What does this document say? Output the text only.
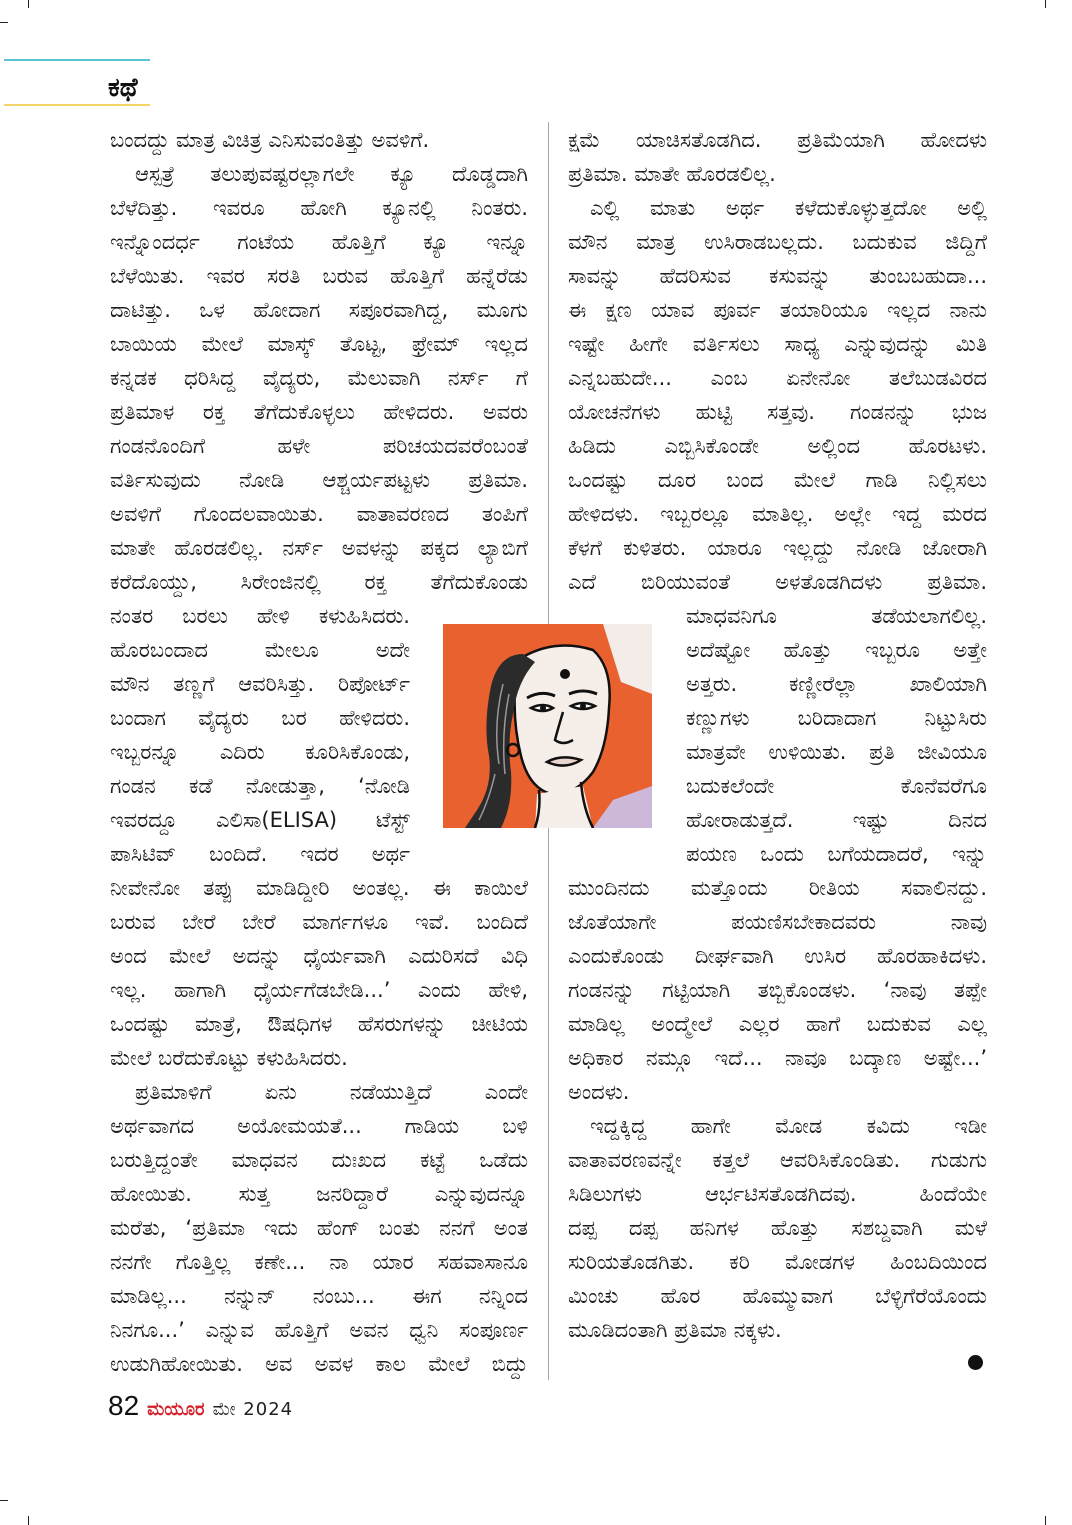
ಕಥೆ
ಬಂದದ್ದು ಮಾತ್ರ ವಿಚಿತ್ರ ಎನಿಸುವಂತಿತ್ತು ಅವಳಿಗೆ.
ಆಸ್ಪತ್ರೆ ತಲುಪುವಷ್ಟರಲ್ಲಾಗಲೇ ಕ್ಯೂ ದೊಡ್ಡದಾಗಿ
ಬೆಳೆದಿತ್ತು. ಇವರೂ ಹೋಗಿ ಕ್ಯೂನಲ್ಲಿ ನಿಂತರು.
ಇನ್ನೊಂದರ್ಧ ಗಂಟೆಯ ಹೊತ್ತಿಗೆ ಕ್ಯೂ ಇನ್ನೂ
ಬೆಳೆಯಿತು. ಇವರ ಸರತಿ ಬರುವ ಹೊತ್ತಿಗೆ ಹನ್ನೆರೆಡು
ದಾಟಿತ್ತು. ಒಳ ಹೋದಾಗ ಸಪೂರವಾಗಿದ್ದ, ಮೂಗು
ಬಾಯಿಯ ಮೇಲೆ ಮಾಸ್ಕ್ ತೊಟ್ಟ, ಫ್ರೇಮ್ ಇಲ್ಲದ
ಕನ್ನಡಕ ಧರಿಸಿದ್ದ ವೈದ್ಯರು, ಮೆಲುವಾಗಿ ನರ್ಸ್ ಗೆ
ಪ್ರತಿಮಾಳ ರಕ್ತ ತೆಗೆದುಕೊಳ್ಳಲು ಹೇಳಿದರು. ಅವರು
ಗಂಡನೊಂದಿಗೆ ಹಳೇ ಪರಿಚಯದವರೆಂಬಂತೆ
ವರ್ತಿಸುವುದು ನೋಡಿ ಆಶ್ಚರ್ಯಪಟ್ಟಳು ಪ್ರತಿಮಾ.
ಅವಳಿಗೆ ಗೊಂದಲವಾಯಿತು. ವಾತಾವರಣದ ತಂಪಿಗೆ
ಮಾತೇ ಹೊರಡಲಿಲ್ಲ. ನರ್ಸ್ ಅವಳನ್ನು ಪಕ್ಕದ ಲ್ಯಾಬಿಗೆ
ಕರೆದೊಯ್ದು, ಸಿರೇಂಜಿನಲ್ಲಿ ರಕ್ತ ತೆಗೆದುಕೊಂಡು
ನಂತರ ಬರಲು ಹೇಳಿ ಕಳುಹಿಸಿದರು.
ಹೊರಬಂದಾದ ಮೇಲೂ ಅದೇ
ಮೌನ ತಣ್ಣಗೆ ಆವರಿಸಿತ್ತು. ರಿಪೋರ್ಟ್
ಬಂದಾಗ ವೈದ್ಯರು ಬರ ಹೇಳಿದರು.
ಇಬ್ಬರನ್ನೂ ಎದಿರು ಕೂರಿಸಿಕೊಂಡು,
ಗಂಡನ ಕಡೆ ನೋಡುತ್ತಾ, ‘ನೋಡಿ
ಇವರದ್ದೂ ಎಲಿಸಾ(ELISA) ಟೆಸ್ಟ್
ಪಾಸಿಟಿವ್ ಬಂದಿದೆ. ಇದರ ಅರ್ಥ
ನೀವೇನೋ ತಪ್ಪು ಮಾಡಿದ್ದೀರಿ ಅಂತಲ್ಲ. ಈ ಕಾಯಿಲೆ
ಬರುವ ಬೇರೆ ಬೇರೆ ಮಾರ್ಗಗಳೂ ಇವೆ. ಬಂದಿದೆ
ಅಂದ ಮೇಲೆ ಅದನ್ನು ಧೈರ್ಯವಾಗಿ ಎದುರಿಸದೆ ವಿಧಿ
ಇಲ್ಲ. ಹಾಗಾಗಿ ಧೈರ್ಯಗೆಡಬೇಡಿ...’ ಎಂದು ಹೇಳಿ,
ಒಂದಷ್ಟು ಮಾತ್ರೆ, ಔಷಧಿಗಳ ಹೆಸರುಗಳನ್ನು ಚೀಟಿಯ
ಮೇಲೆ ಬರೆದುಕೊಟ್ಟು ಕಳುಹಿಸಿದರು.
ಪ್ರತಿಮಾಳಿಗೆ ಏನು ನಡೆಯುತ್ತಿದೆ ಎಂದೇ
ಅರ್ಥವಾಗದ ಅಯೋಮಯತೆ... ಗಾಡಿಯ ಬಳಿ
ಬರುತ್ತಿದ್ದಂತೇ ಮಾಧವನ ದುಃಖದ ಕಟ್ಟೆ ಒಡೆದು
ಹೋಯಿತು. ಸುತ್ತ ಜನರಿದ್ದಾರೆ ಎನ್ನುವುದನ್ನೂ
ಮರೆತು, ‘ಪ್ರತಿಮಾ ಇದು ಹೆಂಗ್ ಬಂತು ನನಗೆ ಅಂತ
ನನಗೇ ಗೊತ್ತಿಲ್ಲ ಕಣೇ... ನಾ ಯಾರ ಸಹವಾಸಾನೂ
ಮಾಡಿಲ್ಲ... ನನ್ನುನ್ ನಂಬು... ಈಗ ನನ್ನಿಂದ
ನಿನಗೂ...’ ಎನ್ನುವ ಹೊತ್ತಿಗೆ ಅವನ ಧ್ವನಿ ಸಂಪೂರ್ಣ
ಉಡುಗಿಹೋಯಿತು. ಅವ ಅವಳ ಕಾಲ ಮೇಲೆ ಬಿದ್ದು
ಕ್ಷಮೆ ಯಾಚಿಸತೊಡಗಿದ. ಪ್ರತಿಮೆಯಾಗಿ ಹೋದಳು
ಪ್ರತಿಮಾ. ಮಾತೇ ಹೊರಡಲಿಲ್ಲ.
ಎಲ್ಲಿ ಮಾತು ಅರ್ಥ ಕಳೆದುಕೊಳ್ಳುತ್ತದೋ ಅಲ್ಲಿ
ಮೌನ ಮಾತ್ರ ಉಸಿರಾಡಬಲ್ಲದು. ಬದುಕುವ ಜಿದ್ದಿಗೆ
ಸಾವನ್ನು ಹೆದರಿಸುವ ಕಸುವನ್ನು ತುಂಬಬಹುದಾ...
ಈ ಕ್ಷಣ ಯಾವ ಪೂರ್ವ ತಯಾರಿಯೂ ಇಲ್ಲದ ನಾನು
ಇಷ್ಟೇ ಹೀಗೇ ವರ್ತಿಸಲು ಸಾಧ್ಯ ಎನ್ನುವುದನ್ನು ಮಿತಿ
ಎನ್ನಬಹುದೇ... ಎಂಬ ಏನೇನೋ ತಲೆಬುಡವಿರದ
ಯೋಚನೆಗಳು ಹುಟ್ಟಿ ಸತ್ತವು. ಗಂಡನನ್ನು ಭುಜ
ಹಿಡಿದು ಎಬ್ಬಿಸಿಕೊಂಡೇ ಅಲ್ಲಿಂದ ಹೊರಟಳು.
ಒಂದಷ್ಟು ದೂರ ಬಂದ ಮೇಲೆ ಗಾಡಿ ನಿಲ್ಲಿಸಲು
ಹೇಳಿದಳು. ಇಬ್ಬರಲ್ಲೂ ಮಾತಿಲ್ಲ. ಅಲ್ಲೇ ಇದ್ದ ಮರದ
ಕೆಳಗೆ ಕುಳಿತರು. ಯಾರೂ ಇಲ್ಲದ್ದು ನೋಡಿ ಜೋರಾಗಿ
ಎದೆ ಬಿರಿಯುವಂತೆ ಅಳತೊಡಗಿದಳು ಪ್ರತಿಮಾ.
ಮಾಧವನಿಗೂ ತಡೆಯಲಾಗಲಿಲ್ಲ.
ಅದೆಷ್ಟೋ ಹೊತ್ತು ಇಬ್ಬರೂ ಅತ್ತೇ
ಅತ್ತರು. ಕಣ್ಣೀರೆಲ್ಲಾ ಖಾಲಿಯಾಗಿ
ಕಣ್ಣುಗಳು ಬರಿದಾದಾಗ ನಿಟ್ಟುಸಿರು
ಮಾತ್ರವೇ ಉಳಿಯಿತು. ಪ್ರತಿ ಜೀವಿಯೂ
ಬದುಕಲೆಂದೇ ಕೊನೆವರೆಗೂ
ಹೋರಾಡುತ್ತದೆ. ಇಷ್ಟು ದಿನದ
ಪಯಣ ಒಂದು ಬಗೆಯದಾದರೆ, ಇನ್ನು
ಮುಂದಿನದು ಮತ್ತೊಂದು ರೀತಿಯ ಸವಾಲಿನದ್ದು.
ಜೊತೆಯಾಗೇ ಪಯಣಿಸಬೇಕಾದವರು ನಾವು
ಎಂದುಕೊಂಡು ದೀರ್ಘವಾಗಿ ಉಸಿರ ಹೊರಹಾಕಿದಳು.
ಗಂಡನನ್ನು ಗಟ್ಟಿಯಾಗಿ ತಬ್ಬಿಕೊಂಡಳು. ‘ನಾವು ತಪ್ಪೇ
ಮಾಡಿಲ್ಲ ಅಂದ್ಮೇಲೆ ಎಲ್ಲರ ಹಾಗೆ ಬದುಕುವ ಎಲ್ಲ
ಅಧಿಕಾರ ನಮ್ಗೂ ಇದೆ... ನಾವೂ ಬದ್ಕಾಣ ಅಷ್ಟೇ...’
ಅಂದಳು.
ಇದ್ದಕ್ಕಿದ್ದ ಹಾಗೇ ಮೋಡ ಕವಿದು ಇಡೀ
ವಾತಾವರಣವನ್ನೇ ಕತ್ತಲೆ ಆವರಿಸಿಕೊಂಡಿತು. ಗುಡುಗು
ಸಿಡಿಲುಗಳು ಆರ್ಭಟಿಸತೊಡಗಿದವು. ಹಿಂದೆಯೇ
ದಪ್ಪ ದಪ್ಪ ಹನಿಗಳ ಹೊತ್ತು ಸಶಬ್ದವಾಗಿ ಮಳೆ
ಸುರಿಯತೊಡಗಿತು. ಕರಿ ಮೋಡಗಳ ಹಿಂಬದಿಯಿಂದ
ಮಿಂಚು ಹೊರ ಹೊಮ್ಮುವಾಗ ಬೆಳ್ಳಿಗೆರೆಯೊಂದು
ಮೂಡಿದಂತಾಗಿ ಪ್ರತಿಮಾ ನಕ್ಕಳು.
82 ಮಯೂರ ಮೇ 2024
